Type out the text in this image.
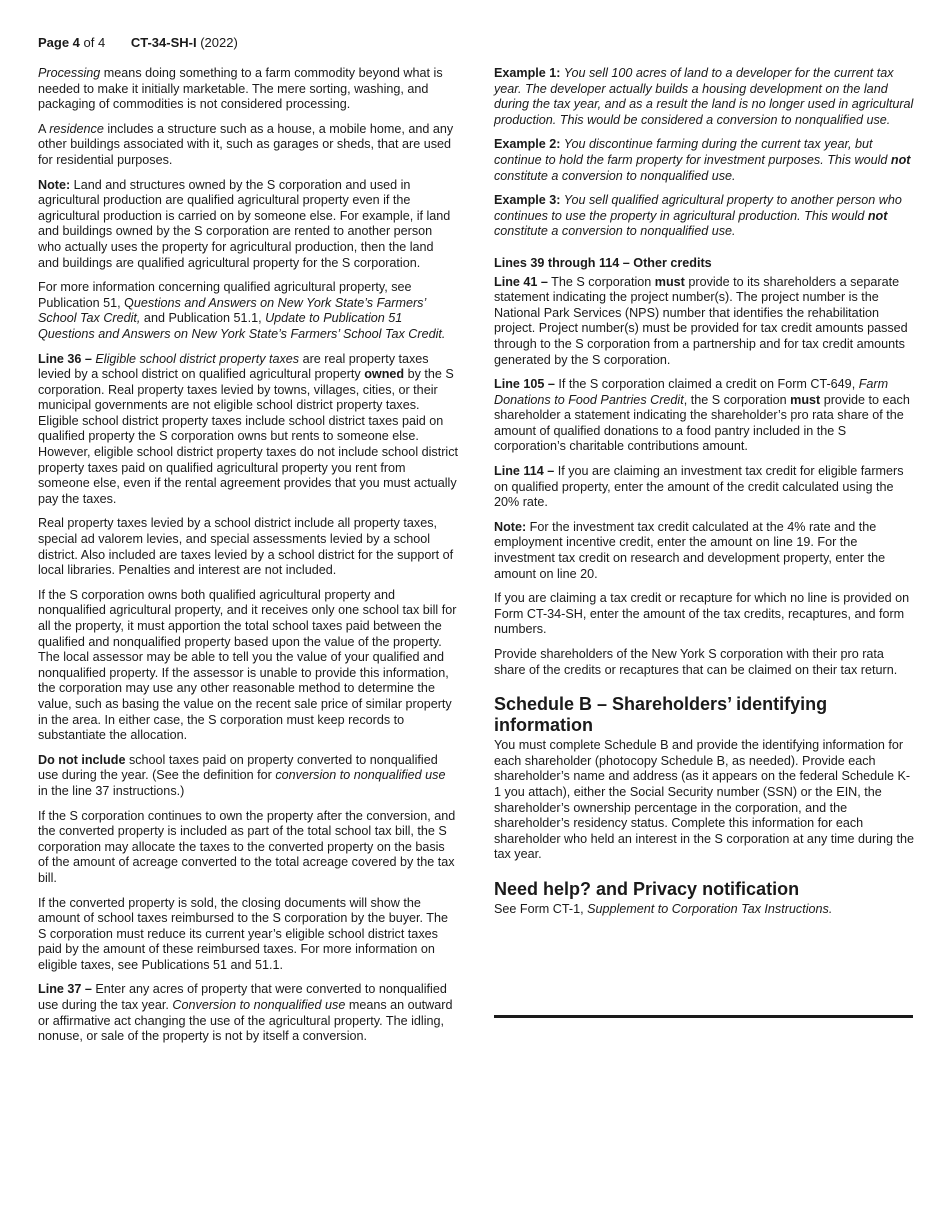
Page 4 of 4 CT-34-SH-I (2022)

Processing means doing something to a farm commodity beyond what is needed to make it initially marketable. The mere sorting, washing, and packaging of commodities is not considered processing.

A residence includes a structure such as a house, a mobile home, and any other buildings associated with it, such as garages or sheds, that are used for residential purposes.

Note: Land and structures owned by the S corporation and used in agricultural production are qualified agricultural property even if the agricultural production is carried on by someone else. For example, if land and buildings owned by the S corporation are rented to another person who actually uses the property for agricultural production, then the land and buildings are qualified agricultural property for the S corporation.

For more information concerning qualified agricultural property, see Publication 51, Questions and Answers on New York State’s Farmers’ School Tax Credit, and Publication 51.1, Update to Publication 51 Questions and Answers on New York State’s Farmers’ School Tax Credit.

Line 36 – Eligible school district property taxes are real property taxes levied by a school district on qualified agricultural property owned by the S corporation. Real property taxes levied by towns, villages, cities, or their municipal governments are not eligible school district property taxes. Eligible school district property taxes include school district taxes paid on qualified property the S corporation owns but rents to someone else. However, eligible school district property taxes do not include school district property taxes paid on qualified agricultural property you rent from someone else, even if the rental agreement provides that you must actually pay the taxes.

Real property taxes levied by a school district include all property taxes, special ad valorem levies, and special assessments levied by a school district. Also included are taxes levied by a school district for the support of local libraries. Penalties and interest are not included.

If the S corporation owns both qualified agricultural property and nonqualified agricultural property, and it receives only one school tax bill for all the property, it must apportion the total school taxes paid between the qualified and nonqualified property based upon the value of the property. The local assessor may be able to tell you the value of your qualified and nonqualified property. If the assessor is unable to provide this information, the corporation may use any other reasonable method to determine the value, such as basing the value on the recent sale price of similar property in the area. In either case, the S corporation must keep records to substantiate the allocation.

Do not include school taxes paid on property converted to nonqualified use during the year. (See the definition for conversion to nonqualified use in the line 37 instructions.)

If the S corporation continues to own the property after the conversion, and the converted property is included as part of the total school tax bill, the S corporation may allocate the taxes to the converted property on the basis of the amount of acreage converted to the total acreage covered by the tax bill.

If the converted property is sold, the closing documents will show the amount of school taxes reimbursed to the S corporation by the buyer. The S corporation must reduce its current year’s eligible school district taxes paid by the amount of these reimbursed taxes. For more information on eligible taxes, see Publications 51 and 51.1.

Line 37 – Enter any acres of property that were converted to nonqualified use during the tax year. Conversion to nonqualified use means an outward or affirmative act changing the use of the agricultural property. The idling, nonuse, or sale of the property is not by itself a conversion.

Example 1: You sell 100 acres of land to a developer for the current tax year. The developer actually builds a housing development on the land during the tax year, and as a result the land is no longer used in agricultural production. This would be considered a conversion to nonqualified use.

Example 2: You discontinue farming during the current tax year, but continue to hold the farm property for investment purposes. This would not constitute a conversion to nonqualified use.

Example 3: You sell qualified agricultural property to another person who continues to use the property in agricultural production. This would not constitute a conversion to nonqualified use.

Lines 39 through 114 – Other credits

Line 41 – The S corporation must provide to its shareholders a separate statement indicating the project number(s). The project number is the National Park Services (NPS) number that identifies the rehabilitation project. Project number(s) must be provided for tax credit amounts passed through to the S corporation from a partnership and for tax credit amounts generated by the S corporation.

Line 105 – If the S corporation claimed a credit on Form CT-649, Farm Donations to Food Pantries Credit, the S corporation must provide to each shareholder a statement indicating the shareholder’s pro rata share of the amount of qualified donations to a food pantry included in the S corporation’s charitable contributions amount.

Line 114 – If you are claiming an investment tax credit for eligible farmers on qualified property, enter the amount of the credit calculated using the 20% rate.

Note: For the investment tax credit calculated at the 4% rate and the employment incentive credit, enter the amount on line 19. For the investment tax credit on research and development property, enter the amount on line 20.

If you are claiming a tax credit or recapture for which no line is provided on Form CT-34-SH, enter the amount of the tax credits, recaptures, and form numbers.

Provide shareholders of the New York S corporation with their pro rata share of the credits or recaptures that can be claimed on their tax return.

Schedule B – Shareholders’ identifying information

You must complete Schedule B and provide the identifying information for each shareholder (photocopy Schedule B, as needed). Provide each shareholder’s name and address (as it appears on the federal Schedule K-1 you attach), either the Social Security number (SSN) or the EIN, the shareholder’s ownership percentage in the corporation, and the shareholder’s residency status. Complete this information for each shareholder who held an interest in the S corporation at any time during the tax year.

Need help? and Privacy notification

See Form CT-1, Supplement to Corporation Tax Instructions.
